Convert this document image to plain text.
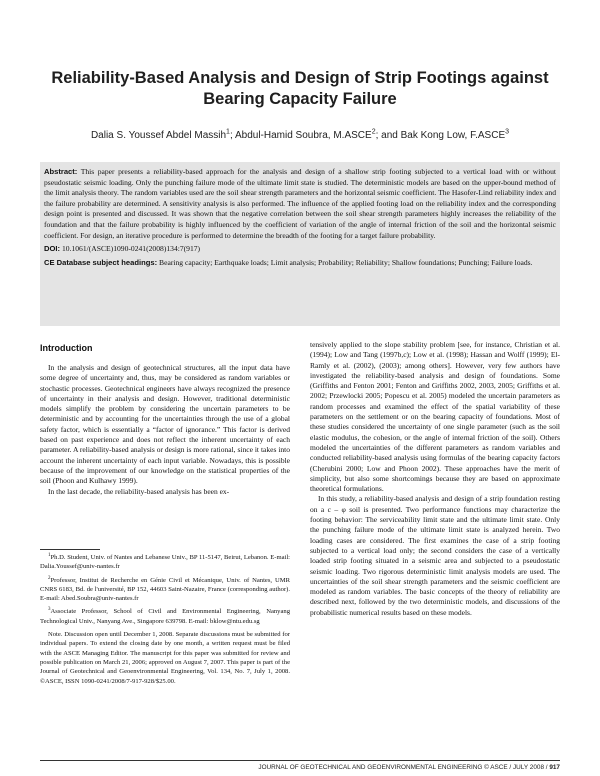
Reliability-Based Analysis and Design of Strip Footings against Bearing Capacity Failure
Dalia S. Youssef Abdel Massih$^1$; Abdul-Hamid Soubra, M.ASCE$^2$; and Bak Kong Low, F.ASCE$^3$

Abstract: This paper presents a reliability-based approach for the analysis and design of a shallow strip footing subjected to a vertical load with or without pseudostatic seismic loading. Only the punching failure mode of the ultimate limit state is studied. The deterministic models are based on the upper-bound method of the limit analysis theory. The random variables used are the soil shear strength parameters and the horizontal seismic coefficient. The Hasofer-Lind reliability index and the failure probability are determined. A sensitivity analysis is also performed. The influence of the applied footing load on the reliability index and the corresponding design point is presented and discussed. It was shown that the negative correlation between the soil shear strength parameters highly increases the reliability of the foundation and that the failure probability is highly influenced by the coefficient of variation of the angle of internal friction of the soil and the horizontal seismic coefficient. For design, an iterative procedure is performed to determine the breadth of the footing for a target failure probability.

DOI: 10.1061/(ASCE)1090-0241(2008)134:7(917)
CE Database subject headings: Bearing capacity; Earthquake loads; Limit analysis; Probability; Reliability; Shallow foundations; Punching; Failure loads.
Introduction

In the analysis and design of geotechnical structures, all the input data have some degree of uncertainty and, thus, may be considered as random variables or stochastic processes. Geotechnical engineers have always recognized the presence of uncertainty in their analysis and design. However, traditional deterministic models simplify the problem by considering the uncertain parameters to be deterministic and by accounting for the uncertainties through the use of a global safety factor, which is essentially a “factor of ignorance.” This factor is derived based on past experience and does not reflect the inherent uncertainty of each parameter. A reliability-based analysis or design is more rational, since it takes into account the inherent uncertainty of each input variable. Nowadays, this is possible because of the improvement of our knowledge on the statistical properties of the soil (Phoon and Kulhawy 1999).

In the last decade, the reliability-based analysis has been ex-

$^1$Ph.D. Student, Univ. of Nantes and Lebanese Univ., BP 11-5147, Beirut, Lebanon. E-mail: Dalia.Youssef@univ-nantes.fr

$^2$Professor, Institut de Recherche en Génie Civil et Mécanique, Univ. of Nantes, UMR CNRS 6183, Bd. de l'université, BP 152, 44603 Saint-Nazaire, France (corresponding author). E-mail: Abed.Soubra@univ-nantes.fr

$^3$Associate Professor, School of Civil and Environmental Engineering, Nanyang Technological Univ., Nanyang Ave., Singapore 639798. E-mail: bklow@ntu.edu.sg

Note. Discussion open until December 1, 2008. Separate discussions must be submitted for individual papers. To extend the closing date by one month, a written request must be filed with the ASCE Managing Editor. The manuscript for this paper was submitted for review and possible publication on March 21, 2006; approved on August 7, 2007. This paper is part of the Journal of Geotechnical and Geoenvironmental Engineering, Vol. 134, No. 7, July 1, 2008. ©ASCE, ISSN 1090-0241/2008/7-917-928/$25.00.

tensively applied to the slope stability problem [see, for instance, Christian et al. (1994); Low and Tang (1997b,c); Low et al. (1998); Hassan and Wolff (1999); El-Ramly et al. (2002), (2003); among others]. However, very few authors have investigated the reliability-based analysis and design of foundations. Some (Griffiths and Fenton 2001; Fenton and Griffiths 2002, 2003, 2005; Griffiths et al. 2002; Przewlocki 2005; Popescu et al. 2005) modeled the uncertain parameters as random processes and examined the effect of the spatial variability of these parameters on the settlement or on the bearing capacity of foundations. Most of these studies considered the uncertainty of one single parameter (such as the soil elastic modulus, the cohesion, or the angle of internal friction of the soil). Others modeled the uncertainties of the different parameters as random variables and conducted reliability-based analysis using formulas of the bearing capacity factors (Cherubini 2000; Low and Phoon 2002). These approaches have the merit of simplicity, but also some shortcomings because they are based on approximate theoretical formulations.

In this study, a reliability-based analysis and design of a strip foundation resting on a c – φ soil is presented. Two performance functions may characterize the footing behavior: The serviceability limit state and the ultimate limit state. Only the punching failure mode of the ultimate limit state is analyzed herein. Two loading cases are considered. The first examines the case of a strip footing subjected to a vertical load only; the second considers the case of a vertically loaded strip footing situated in a seismic area and subjected to a pseudostatic seismic loading. Two rigorous deterministic limit analysis models are used. The uncertainties of the soil shear strength parameters and the seismic coefficient are modeled as random variables. The basic concepts of the theory of reliability are described next, followed by the two deterministic models, and discussions of the probabilistic numerical results based on these models.

JOURNAL OF GEOTECHNICAL AND GEOENVIRONMENTAL ENGINEERING © ASCE / JULY 2008 / 917
